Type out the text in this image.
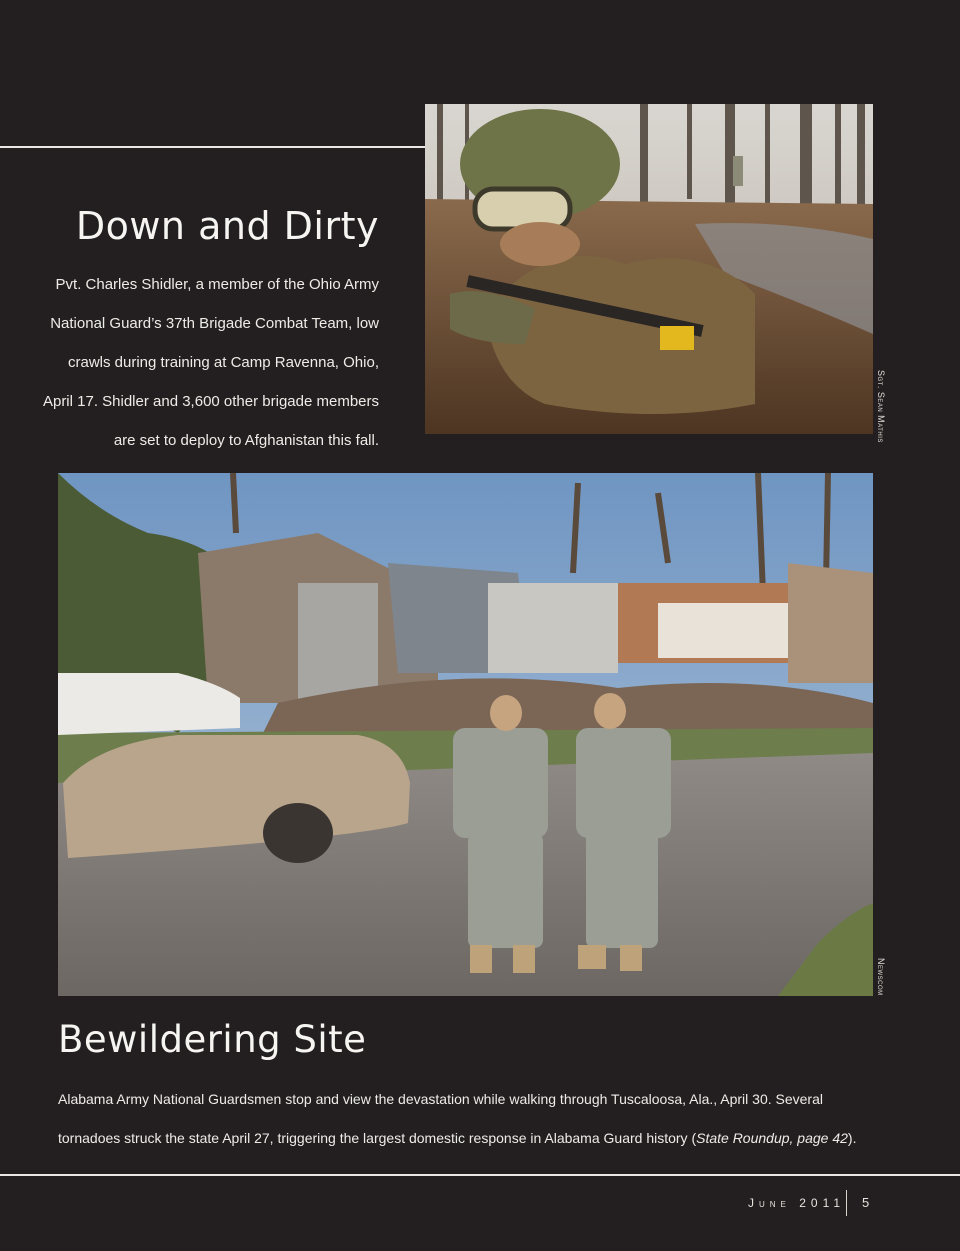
Sgt. Sean Mathis
Down and Dirty

Pvt. Charles Shidler, a member of the Ohio Army

National Guard’s 37th Brigade Combat Team, low

crawls during training at Camp Ravenna, Ohio,

April 17. Shidler and 3,600 other brigade members

are set to deploy to Afghanistan this fall.

Newscom
Bewildering Site

Alabama Army National Guardsmen stop and view the devastation while walking through Tuscaloosa, Ala., April 30. Several

tornadoes struck the state April 27, triggering the largest domestic response in Alabama Guard history (State Roundup, page 42).

June 2011 5
